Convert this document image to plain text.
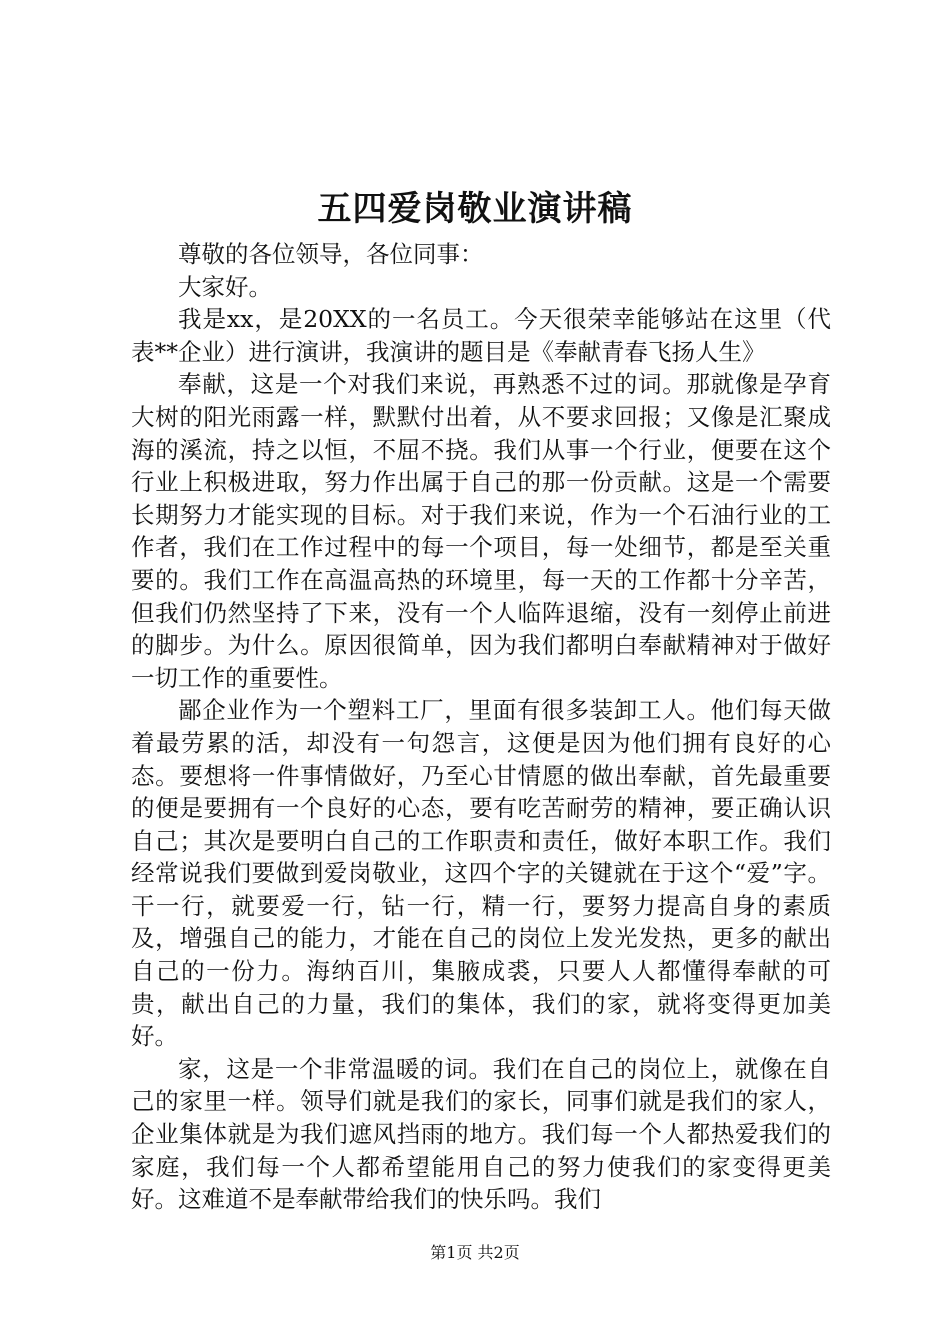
五四爱岗敬业演讲稿

尊敬的各位领导，各位同事：

大家好。

我是xx，是20XX的一名员工。今天很荣幸能够站在这里（代表**企业）进行演讲，我演讲的题目是《奉献青春飞扬人生》

奉献，这是一个对我们来说，再熟悉不过的词。那就像是孕育大树的阳光雨露一样，默默付出着，从不要求回报；又像是汇聚成海的溪流，持之以恒，不屈不挠。我们从事一个行业，便要在这个行业上积极进取，努力作出属于自己的那一份贡献。这是一个需要长期努力才能实现的目标。对于我们来说，作为一个石油行业的工作者，我们在工作过程中的每一个项目，每一处细节，都是至关重要的。我们工作在高温高热的环境里，每一天的工作都十分辛苦，但我们仍然坚持了下来，没有一个人临阵退缩，没有一刻停止前进的脚步。为什么。原因很简单，因为我们都明白奉献精神对于做好一切工作的重要性。

鄙企业作为一个塑料工厂，里面有很多装卸工人。他们每天做着最劳累的活，却没有一句怨言，这便是因为他们拥有良好的心态。要想将一件事情做好，乃至心甘情愿的做出奉献，首先最重要的便是要拥有一个良好的心态，要有吃苦耐劳的精神，要正确认识自己；其次是要明白自己的工作职责和责任，做好本职工作。我们经常说我们要做到爱岗敬业，这四个字的关键就在于这个“爱”字。干一行，就要爱一行，钻一行，精一行，要努力提高自身的素质及，增强自己的能力，才能在自己的岗位上发光发热，更多的献出自己的一份力。海纳百川，集腋成裘，只要人人都懂得奉献的可贵，献出自己的力量，我们的集体，我们的家，就将变得更加美好。

家，这是一个非常温暖的词。我们在自己的岗位上，就像在自己的家里一样。领导们就是我们的家长，同事们就是我们的家人，企业集体就是为我们遮风挡雨的地方。我们每一个人都热爱我们的家庭，我们每一个人都希望能用自己的努力使我们的家变得更美好。这难道不是奉献带给我们的快乐吗。我们

第1页 共2页
